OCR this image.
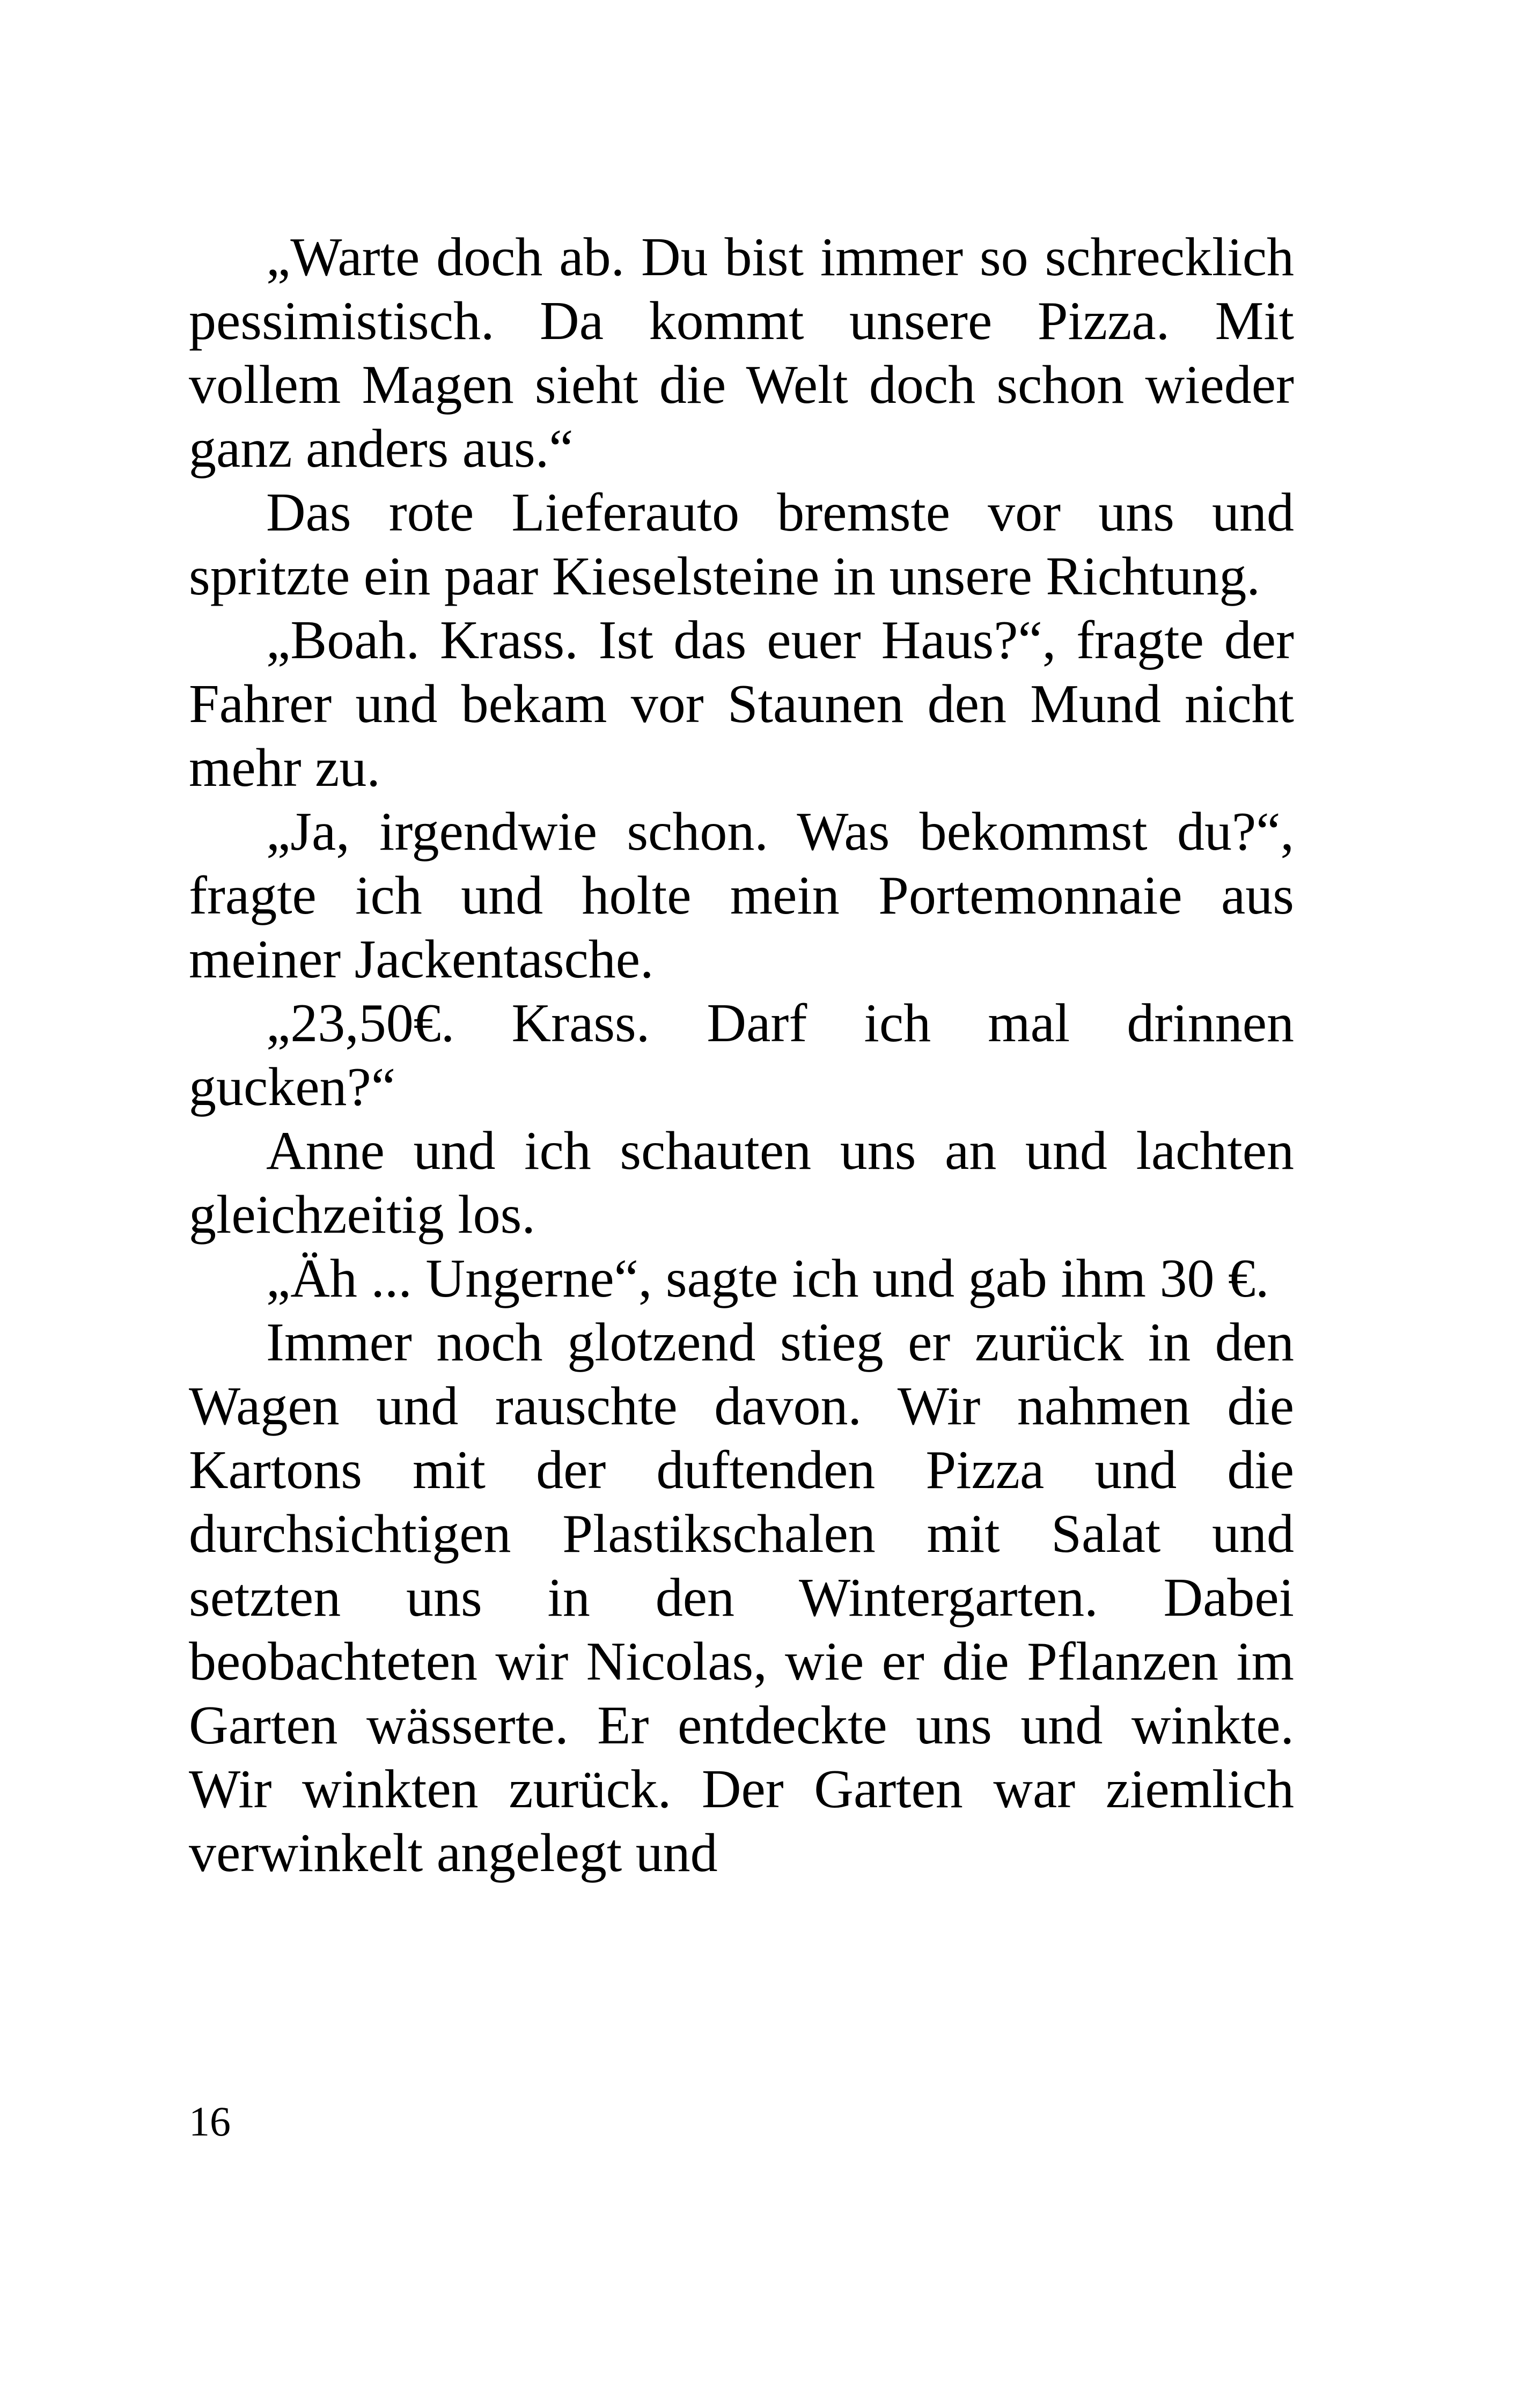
„Warte doch ab. Du bist immer so schrecklich pessimistisch. Da kommt unsere Pizza. Mit vollem Magen sieht die Welt doch schon wieder ganz anders aus.“

Das rote Lieferauto bremste vor uns und spritzte ein paar Kieselsteine in unsere Richtung.

„Boah. Krass. Ist das euer Haus?“, fragte der Fahrer und bekam vor Staunen den Mund nicht mehr zu.

„Ja, irgendwie schon. Was bekommst du?“, fragte ich und holte mein Portemonnaie aus meiner Jackentasche.

„23,50€. Krass. Darf ich mal drinnen gucken?“

Anne und ich schauten uns an und lachten gleichzeitig los.

„Äh ... Ungerne“, sagte ich und gab ihm 30 €.

Immer noch glotzend stieg er zurück in den Wagen und rauschte davon. Wir nahmen die Kartons mit der duftenden Pizza und die durchsichtigen Plastikschalen mit Salat und setzten uns in den Wintergarten. Dabei beobachteten wir Nicolas, wie er die Pflanzen im Garten wässerte. Er entdeckte uns und winkte. Wir winkten zurück. Der Garten war ziemlich verwinkelt angelegt und

16
